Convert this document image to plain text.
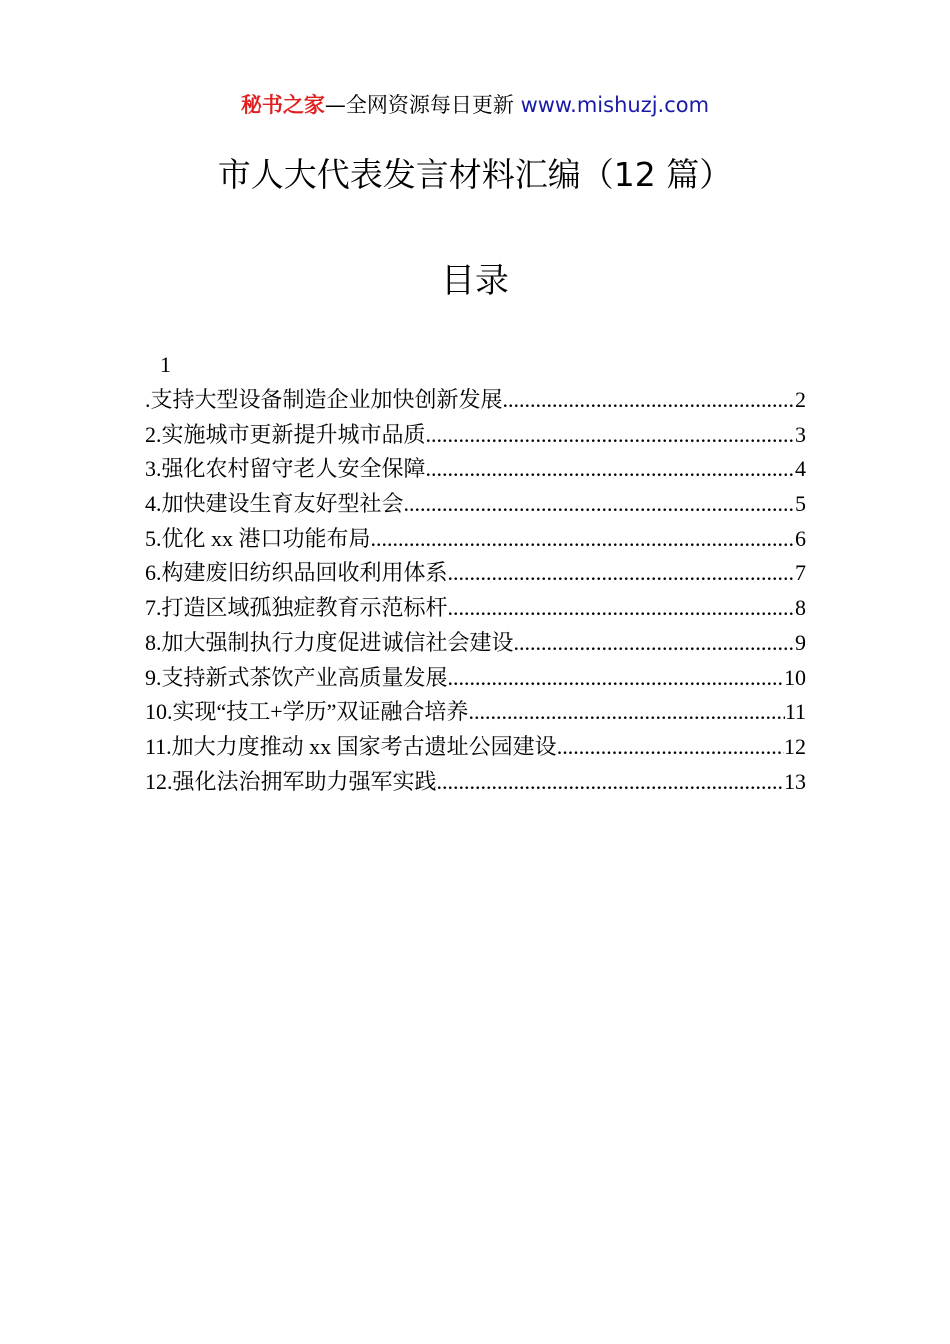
秘书之家—全网资源每日更新 www.mishuzj.com
市人大代表发言材料汇编（12 篇）
目录
1
.支持大型设备制造企业加快创新发展 .....	2
2.实施城市更新提升城市品质 .....	3
3.强化农村留守老人安全保障 .....	4
4.加快建设生育友好型社会 .....	5
5.优化 xx 港口功能布局 .....	6
6.构建废旧纺织品回收利用体系 .....	7
7.打造区域孤独症教育示范标杆 .....	8
8.加大强制执行力度促进诚信社会建设 .....	9
9.支持新式茶饮产业高质量发展 .....	10
10.实现“技工+学历”双证融合培养 .....	11
11.加大力度推动 xx 国家考古遗址公园建设 .....	12
12.强化法治拥军助力强军实践 .....	13
